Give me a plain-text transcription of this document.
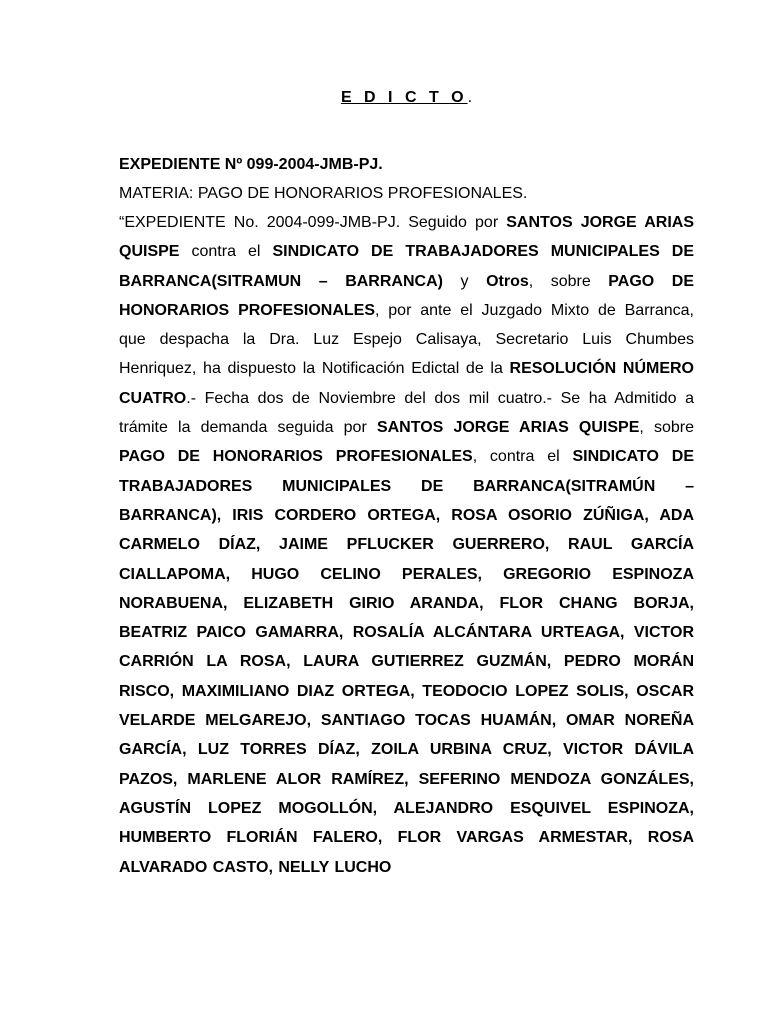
E D I C T O.

EXPEDIENTE Nº 099-2004-JMB-PJ.

MATERIA: PAGO DE HONORARIOS PROFESIONALES.

“EXPEDIENTE No. 2004-099-JMB-PJ. Seguido por SANTOS JORGE ARIAS QUISPE contra el SINDICATO DE TRABAJADORES MUNICIPALES DE BARRANCA(SITRAMUN – BARRANCA) y Otros, sobre PAGO DE HONORARIOS PROFESIONALES, por ante el Juzgado Mixto de Barranca, que despacha la Dra. Luz Espejo Calisaya, Secretario Luis Chumbes Henriquez, ha dispuesto la Notificación Edictal de la RESOLUCIÓN NÚMERO CUATRO.- Fecha dos de Noviembre del dos mil cuatro.- Se ha Admitido a trámite la demanda seguida por SANTOS JORGE ARIAS QUISPE, sobre PAGO DE HONORARIOS PROFESIONALES, contra el SINDICATO DE TRABAJADORES MUNICIPALES DE BARRANCA(SITRAMÚN – BARRANCA), IRIS CORDERO ORTEGA, ROSA OSORIO ZÚÑIGA, ADA CARMELO DÍAZ, JAIME PFLUCKER GUERRERO, RAUL GARCÍA CIALLAPOMA, HUGO CELINO PERALES, GREGORIO ESPINOZA NORABUENA, ELIZABETH GIRIO ARANDA, FLOR CHANG BORJA, BEATRIZ PAICO GAMARRA, ROSALÍA ALCÁNTARA URTEAGA, VICTOR CARRIÓN LA ROSA, LAURA GUTIERREZ GUZMÁN, PEDRO MORÁN RISCO, MAXIMILIANO DIAZ ORTEGA, TEODOCIO LOPEZ SOLIS, OSCAR VELARDE MELGAREJO, SANTIAGO TOCAS HUAMÁN, OMAR NOREÑA GARCÍA, LUZ TORRES DÍAZ, ZOILA URBINA CRUZ, VICTOR DÁVILA PAZOS, MARLENE ALOR RAMÍREZ, SEFERINO MENDOZA GONZÁLES, AGUSTÍN LOPEZ MOGOLLÓN, ALEJANDRO ESQUIVEL ESPINOZA, HUMBERTO FLORIÁN FALERO, FLOR VARGAS ARMESTAR, ROSA ALVARADO CASTO, NELLY LUCHO
